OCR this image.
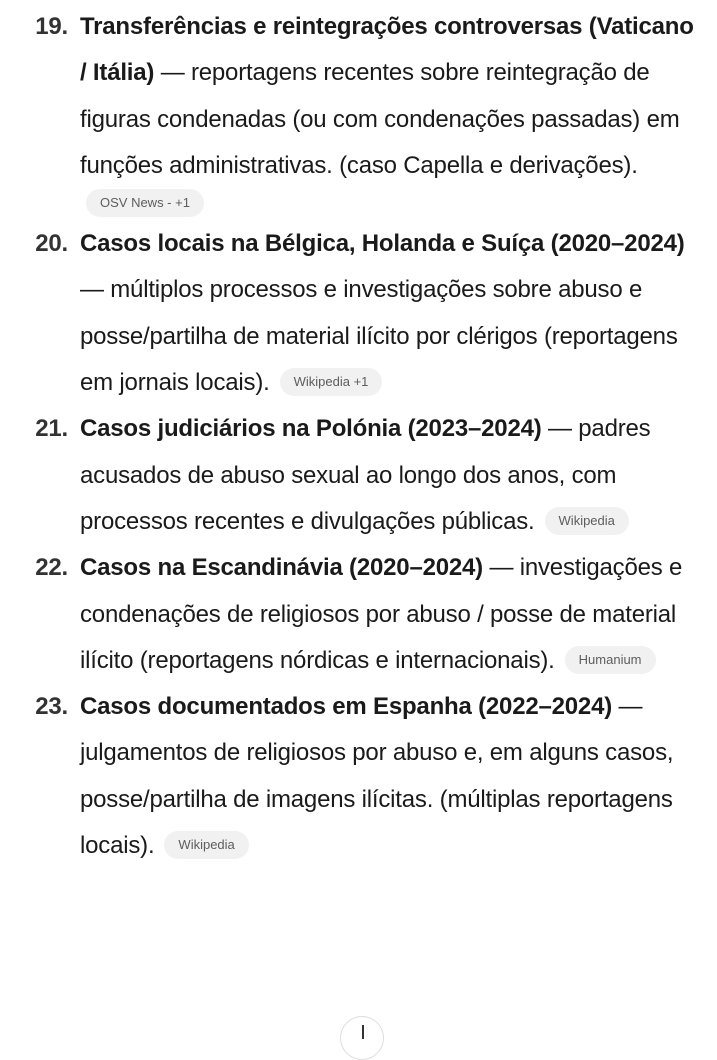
19. Transferências e reintegrações controversas (Vaticano / Itália) — reportagens recentes sobre reintegração de figuras condenadas (ou com condenações passadas) em funções administrativas. (caso Capella e derivações).
OSV News - +1
20. Casos locais na Bélgica, Holanda e Suíça (2020–2024) — múltiplos processos e investigações sobre abuso e posse/partilha de material ilícito por clérigos (reportagens em jornais locais). Wikipedia +1
21. Casos judiciários na Polónia (2023–2024) — padres acusados de abuso sexual ao longo dos anos, com processos recentes e divulgações públicas. Wikipedia
22. Casos na Escandinávia (2020–2024) — investigações e condenações de religiosos por abuso / posse de material ilícito (reportagens nórdicas e internacionais). Humanium
23. Casos documentados em Espanha (2022–2024) — julgamentos de religiosos por abuso e, em alguns casos, posse/partilha de imagens ilícitas. (múltiplas reportagens locais). Wikipedia
